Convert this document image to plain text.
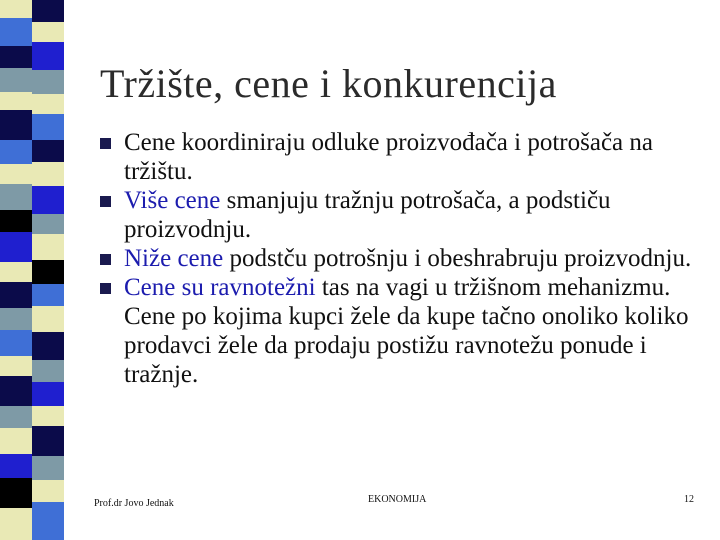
Tržište, cene i konkurencija
Cene koordiniraju odluke proizvođača i potrošača na tržištu.
Više cene smanjuju tražnju potrošača, a podstiču proizvodnju.
Niže cene podstču potrošnju i obeshrabruju proizvodnju.
Cene su ravnotežni tas na vagi u tržišnom mehanizmu. Cene po kojima kupci žele da kupe tačno onoliko koliko prodavci žele da prodaju postižu ravnotežu ponude i tražnje.
Prof.dr Jovo Jednak	EKONOMIJA	12
